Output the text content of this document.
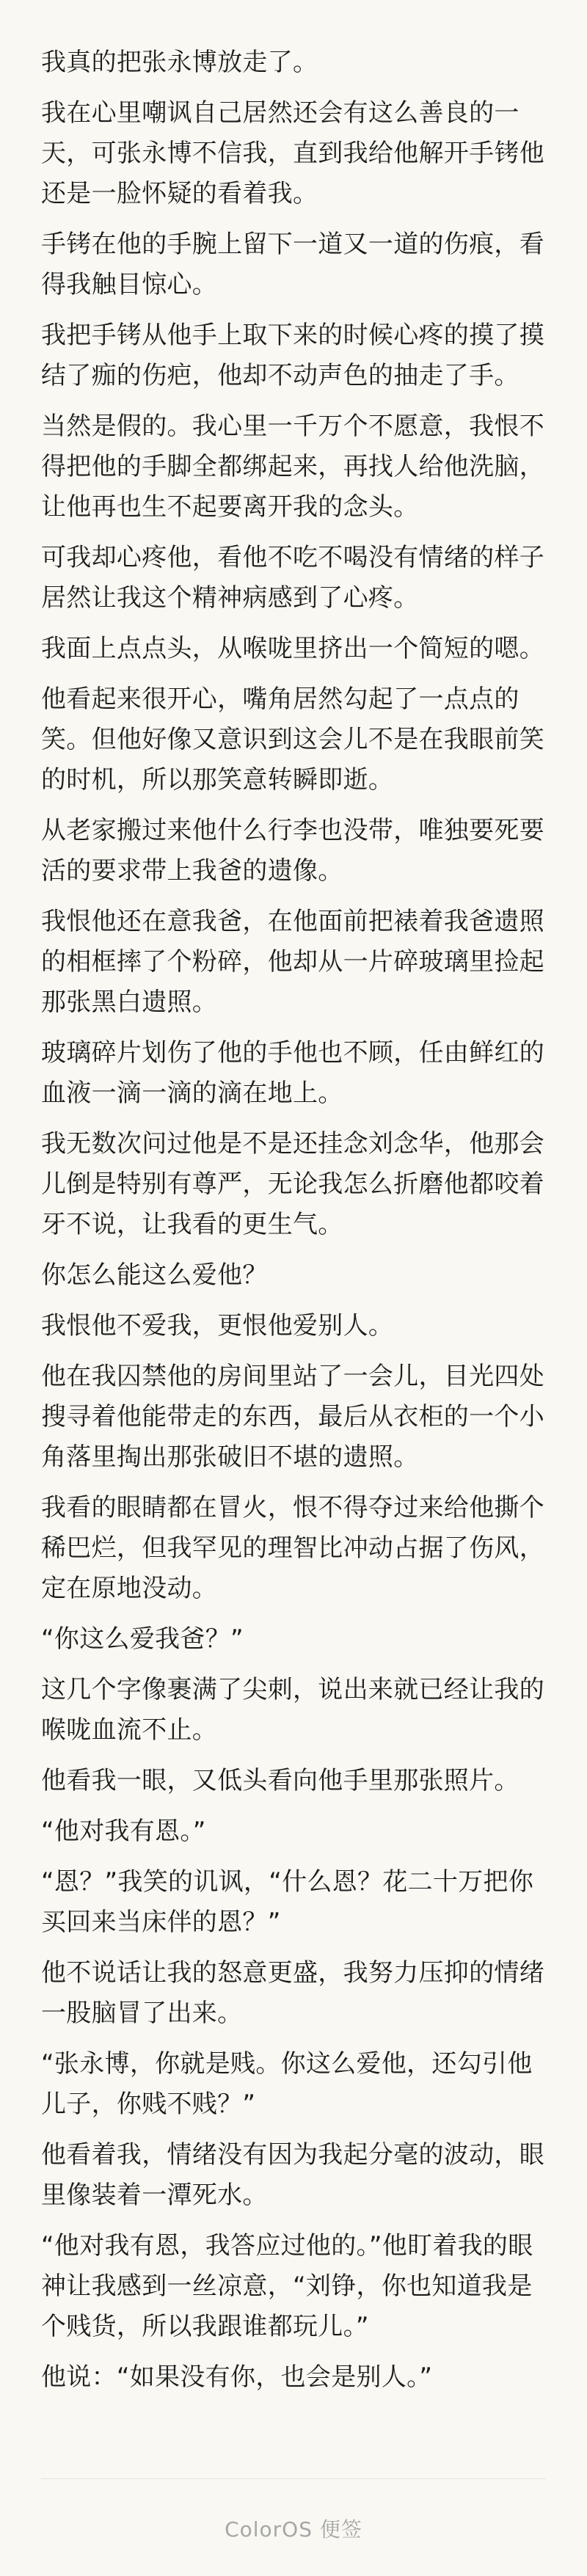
我真的把张永博放走了。

我在心里嘲讽自己居然还会有这么善良的一天，可张永博不信我，直到我给他解开手铐他还是一脸怀疑的看着我。

手铐在他的手腕上留下一道又一道的伤痕，看得我触目惊心。

我把手铐从他手上取下来的时候心疼的摸了摸结了痂的伤疤，他却不动声色的抽走了手。

当然是假的。我心里一千万个不愿意，我恨不得把他的手脚全都绑起来，再找人给他洗脑，让他再也生不起要离开我的念头。

可我却心疼他，看他不吃不喝没有情绪的样子居然让我这个精神病感到了心疼。

我面上点点头，从喉咙里挤出一个简短的嗯。

他看起来很开心，嘴角居然勾起了一点点的笑。但他好像又意识到这会儿不是在我眼前笑的时机，所以那笑意转瞬即逝。

从老家搬过来他什么行李也没带，唯独要死要活的要求带上我爸的遗像。

我恨他还在意我爸，在他面前把裱着我爸遗照的相框摔了个粉碎，他却从一片碎玻璃里捡起那张黑白遗照。

玻璃碎片划伤了他的手他也不顾，任由鲜红的血液一滴一滴的滴在地上。

我无数次问过他是不是还挂念刘念华，他那会儿倒是特别有尊严，无论我怎么折磨他都咬着牙不说，让我看的更生气。

你怎么能这么爱他？

我恨他不爱我，更恨他爱别人。

他在我囚禁他的房间里站了一会儿，目光四处搜寻着他能带走的东西，最后从衣柜的一个小角落里掏出那张破旧不堪的遗照。

我看的眼睛都在冒火，恨不得夺过来给他撕个稀巴烂，但我罕见的理智比冲动占据了伤风，定在原地没动。

“你这么爱我爸？”

这几个字像裹满了尖刺，说出来就已经让我的喉咙血流不止。

他看我一眼，又低头看向他手里那张照片。

“他对我有恩。”

“恩？”我笑的讥讽，“什么恩？花二十万把你买回来当床伴的恩？”

他不说话让我的怒意更盛，我努力压抑的情绪一股脑冒了出来。

“张永博，你就是贱。你这么爱他，还勾引他儿子，你贱不贱？”

他看着我，情绪没有因为我起分毫的波动，眼里像装着一潭死水。

“他对我有恩，我答应过他的。”他盯着我的眼神让我感到一丝凉意，“刘铮，你也知道我是个贱货，所以我跟谁都玩儿。”

他说：“如果没有你，也会是别人。”

ColorOS 便签
